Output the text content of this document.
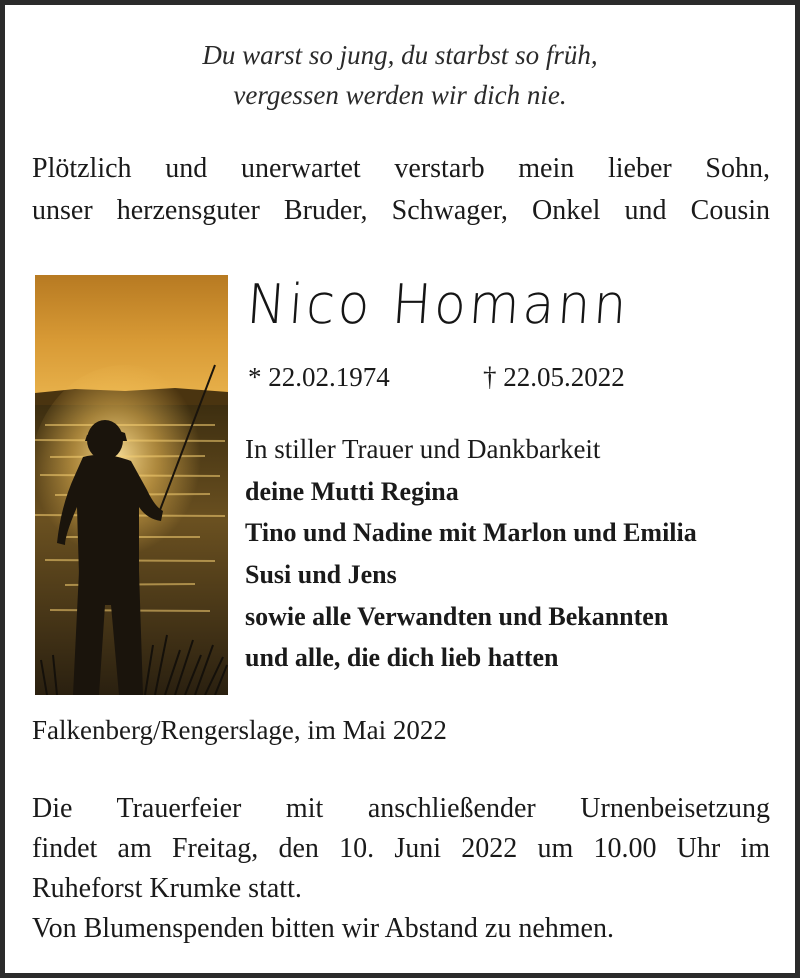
Du warst so jung, du starbst so früh,
vergessen werden wir dich nie.
Plötzlich und unerwartet verstarb mein lieber Sohn,
unser herzensguter Bruder, Schwager, Onkel und Cousin
Nico Homann
* 22.02.1974	† 22.05.2022
In stiller Trauer und Dankbarkeit
deine Mutti Regina
Tino und Nadine mit Marlon und Emilia
Susi und Jens
sowie alle Verwandten und Bekannten
und alle, die dich lieb hatten
Falkenberg/Rengerslage, im Mai 2022
Die Trauerfeier mit anschließender Urnenbeisetzung
findet am Freitag, den 10. Juni 2022 um 10.00 Uhr im
Ruheforst Krumke statt.
Von Blumenspenden bitten wir Abstand zu nehmen.
